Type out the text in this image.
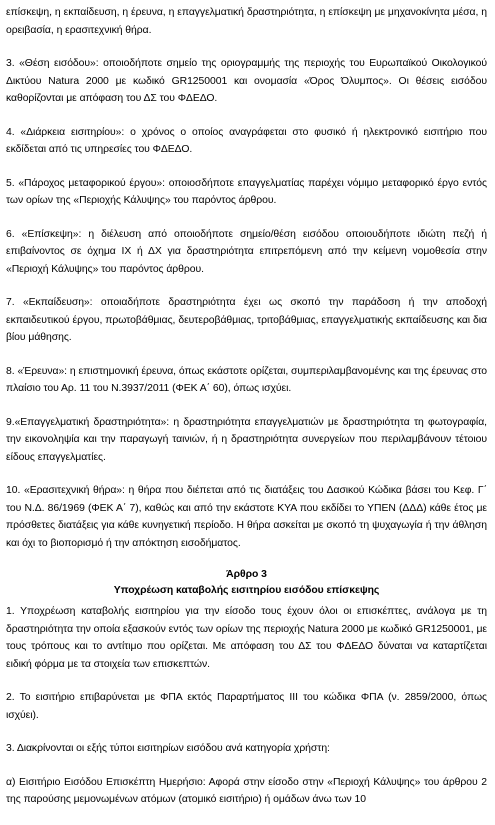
επίσκεψη, η εκπαίδευση, η έρευνα, η επαγγελματική δραστηριότητα, η επίσκεψη με μηχανοκίνητα μέσα, η ορειβασία, η ερασιτεχνική θήρα.

3. «Θέση εισόδου»: οποιοδήποτε σημείο της οριογραμμής της περιοχής του Ευρωπαϊκού Οικολογικού Δικτύου Natura 2000 με κωδικό GR1250001 και ονομασία «Όρος Όλυμπος». Οι θέσεις εισόδου καθορίζονται με απόφαση του ΔΣ του ΦΔΕΔΟ.

4. «Διάρκεια εισιτηρίου»: ο χρόνος ο οποίος αναγράφεται στο φυσικό ή ηλεκτρονικό εισιτήριο που εκδίδεται από τις υπηρεσίες του ΦΔΕΔΟ.

5. «Πάροχος μεταφορικού έργου»: οποιοσδήποτε επαγγελματίας παρέχει νόμιμο μεταφορικό έργο εντός των ορίων της «Περιοχής Κάλυψης» του παρόντος άρθρου.

6. «Επίσκεψη»: η διέλευση από οποιοδήποτε σημείο/θέση εισόδου οποιουδήποτε ιδιώτη πεζή ή επιβαίνοντος σε όχημα ΙΧ ή ΔΧ για δραστηριότητα επιτρεπόμενη από την κείμενη νομοθεσία στην «Περιοχή Κάλυψης» του παρόντος άρθρου.

7. «Εκπαίδευση»: οποιαδήποτε δραστηριότητα έχει ως σκοπό την παράδοση ή την αποδοχή εκπαιδευτικού έργου, πρωτοβάθμιας, δευτεροβάθμιας, τριτοβάθμιας, επαγγελματικής εκπαίδευσης και δια βίου μάθησης.

8. «Έρευνα»: η επιστημονική έρευνα, όπως εκάστοτε ορίζεται, συμπεριλαμβανομένης και της έρευνας στο πλαίσιο του Αρ. 11 του Ν.3937/2011 (ΦΕΚ Α΄ 60), όπως ισχύει.

9.«Επαγγελματική δραστηριότητα»: η δραστηριότητα επαγγελματιών με δραστηριότητα τη φωτογραφία, την εικονοληψία και την παραγωγή ταινιών, ή η δραστηριότητα συνεργείων που περιλαμβάνουν τέτοιου είδους επαγγελματίες.

10. «Ερασιτεχνική θήρα»: η θήρα που διέπεται από τις διατάξεις του Δασικού Κώδικα βάσει του Κεφ. Γ΄ του Ν.Δ. 86/1969 (ΦΕΚ Α΄ 7), καθώς και από την εκάστοτε ΚΥΑ που εκδίδει το ΥΠΕΝ (ΔΔΔ) κάθε έτος με πρόσθετες διατάξεις για κάθε κυνηγετική περίοδο. Η θήρα ασκείται με σκοπό τη ψυχαγωγία ή την άθληση και όχι το βιοπορισμό ή την απόκτηση εισοδήματος.

Άρθρο 3

Υποχρέωση καταβολής εισιτηρίου εισόδου επίσκεψης

1. Υποχρέωση καταβολής εισιτηρίου για την είσοδο τους έχουν όλοι οι επισκέπτες, ανάλογα με τη δραστηριότητα την οποία εξασκούν εντός των ορίων της περιοχής Natura 2000 με κωδικό GR1250001, με τους τρόπους και το αντίτιμο που ορίζεται. Με απόφαση του ΔΣ του ΦΔΕΔΟ δύναται να καταρτίζεται ειδική φόρμα με τα στοιχεία των επισκεπτών.

2. Το εισιτήριο επιβαρύνεται με ΦΠΑ εκτός Παραρτήματος ΙΙΙ του κώδικα ΦΠΑ (ν. 2859/2000, όπως ισχύει).

3. Διακρίνονται οι εξής τύποι εισιτηρίων εισόδου ανά κατηγορία χρήστη:

α) Εισιτήριο Εισόδου Επισκέπτη Ημερήσιο: Αφορά στην είσοδο στην «Περιοχή Κάλυψης» του άρθρου 2 της παρούσης μεμονωμένων ατόμων (ατομικό εισιτήριο) ή ομάδων άνω των 10
